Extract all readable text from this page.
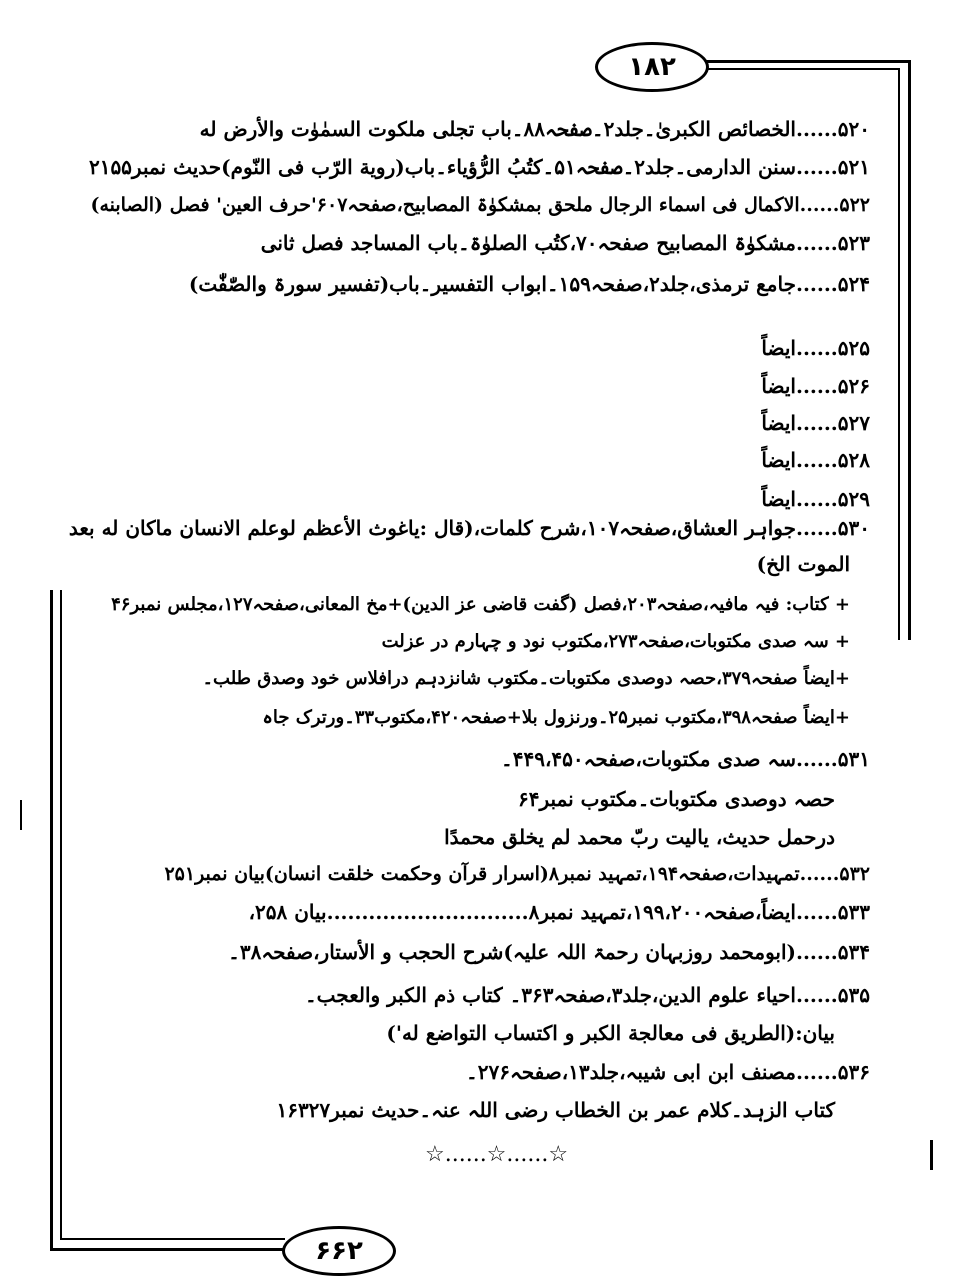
۱۸۲
۶۶۲
۵۲۰......الخصائص الکبریٰ۔جلد۲۔صفحہ۸۸۔باب تجلی ملکوت السمٰوٰت والأرض له
۵۲۱......سنن الدارمی۔جلد۲۔صفحہ۵۱۔کتُبُ الرُّؤیاء۔باب(رویة الرّب فی النّوم)حدیث نمبر۲۱۵۵
۵۲۲......الاکمال فی اسماء الرجال ملحق بمشکوٰۃ المصابیح،صفحہ۶۰۷'حرف العین' فصل (الصابنه)
۵۲۳......مشکوٰۃ المصابیح صفحہ۷۰،کتُب الصلوٰۃ۔باب المساجد فصل ثانی
۵۲۴......جامع ترمذی،جلد۲،صفحہ۱۵۹۔ابواب التفسیر۔باب(تفسیر سورۃ والصّٰفّٰت)
۵۲۵......ایضاً
۵۲۶......ایضاً
۵۲۷......ایضاً
۵۲۸......ایضاً
۵۲۹......ایضاً
۵۳۰......جواہر العشاق،صفحہ۱۰۷،شرح کلمات،(قال :یاغوث الأعظم لوعلم الانسان ماکان له بعد
الموت الخ)
+ کتاب: فیہ مافیہ،صفحہ۲۰۳،فصل (گفت قاضی عز الدین)+مخ المعانی،صفحہ۱۲۷،مجلس نمبر۴۶
+ سہ صدی مکتوبات،صفحہ۲۷۳،مکتوب نود و چہارم در عزلت
+ایضاً صفحہ۳۷۹،حصہ دوصدی مکتوبات۔مکتوب شانزدہم درافلاس خود وصدق طلب۔
+ایضاً صفحہ۳۹۸،مکتوب نمبر۲۵۔ورنزول بلا+صفحہ۴۲۰،مکتوب۳۳۔ورترک جاہ
۵۳۱......سہ صدی مکتوبات،صفحہ۴۴۹،۴۵۰۔
حصہ دوصدی مکتوبات۔مکتوب نمبر۶۴
درحمل حدیث، یالیت ربّ محمد لم یخلق محمدًا
۵۳۲......تمہیدات،صفحہ۱۹۴،تمہید نمبر۸(اسرار قرآن وحکمت خلقت انسان)بیان نمبر۲۵۱
۵۳۳......ایضاً،صفحہ۱۹۹،۲۰۰،تمہید نمبر۸.............................بیان ۲۵۸،
۵۳۴......(ابومحمد روزبہان رحمۃ اللہ علیہ)شرح الحجب و الأستار،صفحہ۳۸۔
۵۳۵......احیاء علوم الدین،جلد۳،صفحہ۳۶۳۔ کتاب ذم الکبر والعجب۔
بیان:(الطریق فی معالجة الکبر و اکتساب التواضع له')
۵۳۶......مصنف ابن ابی شیبہ،جلد۱۳،صفحہ۲۷۶۔
کتاب الزہد۔کلام عمر بن الخطاب رضی اللہ عنہ۔حدیث نمبر۱۶۳۲۷
☆......☆......☆
